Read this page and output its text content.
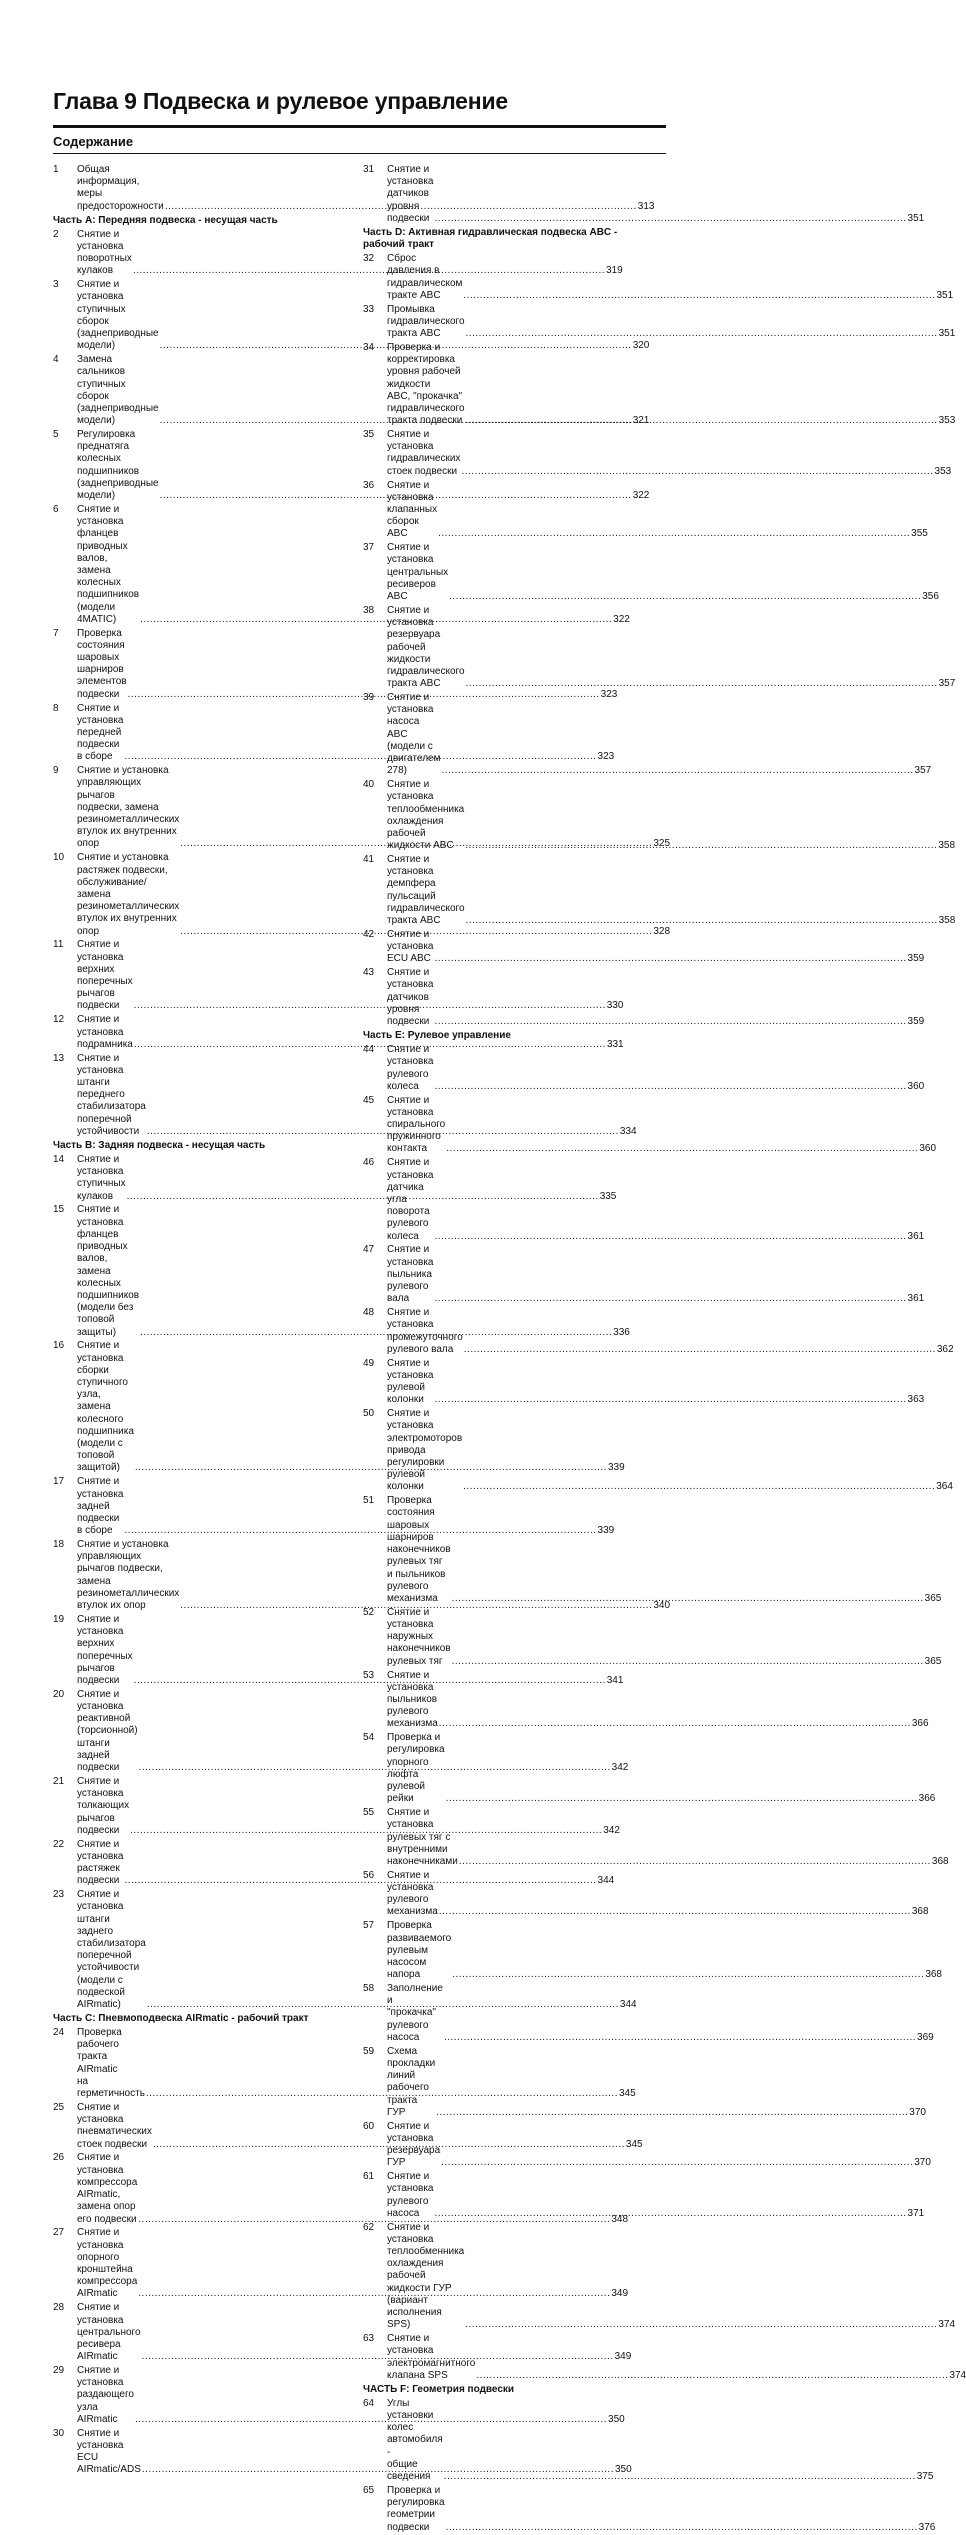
Глава 9 Подвеска и рулевое управление
Содержание
1	Общая информация, меры предосторожности .....	313
Часть A: Передняя подвеска - несущая часть
2	Снятие и установка поворотных кулаков .....	319
3	Снятие и установка ступичных сборок
(заднеприводные модели) .....	320
4	Замена сальников ступичных сборок
(заднеприводные модели) .....	321
5	Регулировка преднатяга колесных подшипников
(заднеприводные модели) .....	322
6	Снятие и установка фланцев приводных валов,
замена колесных подшипников (модели 4MATIC) .....	322
7	Проверка состояния шаровых шарниров
элементов подвески .....	323
8	Снятие и установка передней подвески в сборе .....	323
9	Снятие и установка управляющих рычагов
подвески, замена резинометаллических
втулок их внутренних опор .....	325
10	Снятие и установка растяжек подвески,
обслуживание/замена резинометаллических
втулок их внутренних опор .....	328
11	Снятие и установка верхних поперечных рычагов
подвески .....	330
12	Снятие и установка подрамника .....	331
13	Снятие и установка штанги переднего
стабилизатора поперечной устойчивости .....	334
Часть B: Задняя подвеска - несущая часть
14	Снятие и установка ступичных кулаков .....	335
15	Снятие и установка фланцев приводных валов,
замена колесных подшипников
(модели без топовой защиты) .....	336
16	Снятие и установка сборки ступичного узла,
замена колесного подшипника
(модели с топовой защитой) .....	339
17	Снятие и установка задней подвески в сборе .....	339
18	Снятие и установка управляющих рычагов подвески,
замена резинометаллических втулок их опор .....	340
19	Снятие и установка верхних поперечных рычагов
подвески .....	341
20	Снятие и установка реактивной (торсионной)
штанги задней подвески .....	342
21	Снятие и установка толкающих рычагов подвески .....	342
22	Снятие и установка растяжек подвески .....	344
23	Снятие и установка штанги заднего стабилизатора
поперечной устойчивости
(модели с подвеской AIRmatic) .....	344
Часть C: Пневмоподвеска AIRmatic - рабочий тракт
24	Проверка рабочего тракта AIRmatic
на герметичность .....	345
25	Снятие и установка пневматических стоек подвески .....	345
26	Снятие и установка компрессора AIRmatic,
замена опор его подвески .....	348
27	Снятие и установка опорного кронштейна
компрессора AIRmatic .....	349
28	Снятие и установка центрального ресивера AIRmatic .....	349
29	Снятие и установка раздающего узла AIRmatic .....	350
30	Снятие и установка ECU AIRmatic/ADS .....	350
31	Снятие и установка датчиков уровня подвески .....	351
Часть D: Активная гидравлическая подвеска ABC -
рабочий тракт
32	Сброс давления в гидравлическом тракте ABC .....	351
33	Промывка гидравлического тракта ABC .....	351
34	Проверка и корректировка уровня рабочей жидкости
ABC, "прокачка" гидравлического тракта подвески .....	353
35	Снятие и установка гидравлических стоек подвески .....	353
36	Снятие и установка клапанных сборок ABC .....	355
37	Снятие и установка центральных ресиверов ABC .....	356
38	Снятие и установка резервуара рабочей жидкости
гидравлического тракта ABC .....	357
39	Снятие и установка насоса ABC
(модели с двигателем 278) .....	357
40	Снятие и установка теплообменника охлаждения
рабочей жидкости ABC .....	358
41	Снятие и установка демпфера пульсаций
гидравлического тракта ABC .....	358
42	Снятие и установка ECU ABC .....	359
43	Снятие и установка датчиков уровня подвески .....	359
Часть E: Рулевое управление
44	Снятие и установка рулевого колеса .....	360
45	Снятие и установка спирального пружинного
контакта .....	360
46	Снятие и установка датчика угла поворота
рулевого колеса .....	361
47	Снятие и установка пыльника рулевого вала .....	361
48	Снятие и установка промежуточного рулевого вала .....	362
49	Снятие и установка рулевой колонки .....	363
50	Снятие и установка электромоторов привода
регулировки рулевой колонки .....	364
51	Проверка состояния шаровых шарниров
наконечников рулевых тяг и пыльников
рулевого механизма .....	365
52	Снятие и установка наружных наконечников
рулевых тяг .....	365
53	Снятие и установка пыльников рулевого механизма .....	366
54	Проверка и регулировка упорного люфта
рулевой рейки .....	366
55	Снятие и установка рулевых тяг с внутренними
наконечниками .....	368
56	Снятие и установка рулевого механизма .....	368
57	Проверка развиваемого рулевым насосом напора .....	368
58	Заполнение и "прокачка" рулевого насоса .....	369
59	Схема прокладки линий рабочего тракта ГУР .....	370
60	Снятие и установка резервуара ГУР .....	370
61	Снятие и установка рулевого насоса .....	371
62	Снятие и установка теплообменника охлаждения
рабочей жидкости ГУР (вариант исполнения SPS) .....	374
63	Снятие и установка электромагнитного клапана SPS .....	374
ЧАСТЬ F: Геометрия подвески
64	Углы установки колес автомобиля -
общие сведения .....	375
65	Проверка и регулировка геометрии подвески .....	376
